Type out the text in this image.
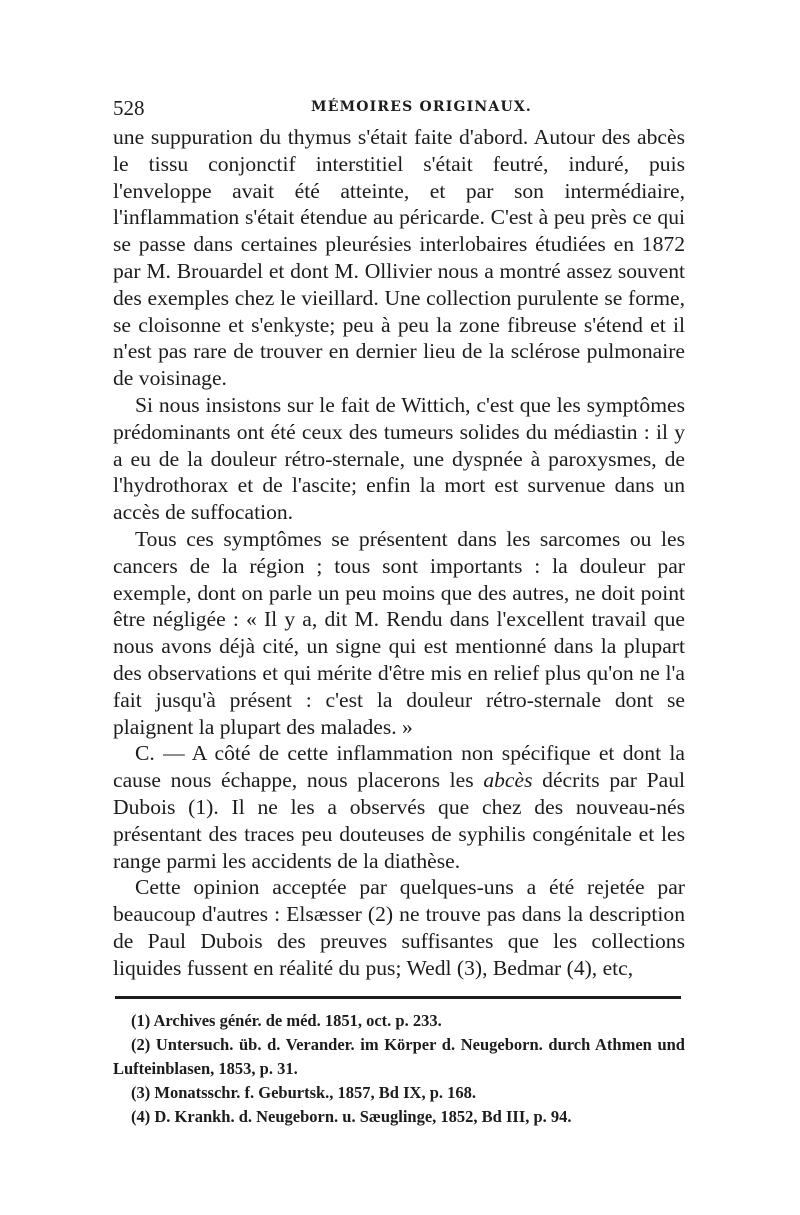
528	MÉMOIRES ORIGINAUX.

une suppuration du thymus s'était faite d'abord. Autour des abcès le tissu conjonctif interstitiel s'était feutré, induré, puis l'enveloppe avait été atteinte, et par son intermédiaire, l'inflammation s'était étendue au péricarde. C'est à peu près ce qui se passe dans certaines pleurésies interlobaires étudiées en 1872 par M. Brouardel et dont M. Ollivier nous a montré assez souvent des exemples chez le vieillard. Une collection purulente se forme, se cloisonne et s'enkyste; peu à peu la zone fibreuse s'étend et il n'est pas rare de trouver en dernier lieu de la sclérose pulmonaire de voisinage.

Si nous insistons sur le fait de Wittich, c'est que les symptômes prédominants ont été ceux des tumeurs solides du médiastin : il y a eu de la douleur rétro-sternale, une dyspnée à paroxysmes, de l'hydrothorax et de l'ascite; enfin la mort est survenue dans un accès de suffocation.

Tous ces symptômes se présentent dans les sarcomes ou les cancers de la région ; tous sont importants : la douleur par exemple, dont on parle un peu moins que des autres, ne doit point être négligée : « Il y a, dit M. Rendu dans l'excellent travail que nous avons déjà cité, un signe qui est mentionné dans la plupart des observations et qui mérite d'être mis en relief plus qu'on ne l'a fait jusqu'à présent : c'est la douleur rétro-sternale dont se plaignent la plupart des malades. »

C. — A côté de cette inflammation non spécifique et dont la cause nous échappe, nous placerons les abcès décrits par Paul Dubois (1). Il ne les a observés que chez des nouveau-nés présentant des traces peu douteuses de syphilis congénitale et les range parmi les accidents de la diathèse.

Cette opinion acceptée par quelques-uns a été rejetée par beaucoup d'autres : Elsæsser (2) ne trouve pas dans la description de Paul Dubois des preuves suffisantes que les collections liquides fussent en réalité du pus; Wedl (3), Bedmar (4), etc,

(1) Archives génér. de méd. 1851, oct. p. 233.

(2) Untersuch. üb. d. Verander. im Körper d. Neugeborn. durch Athmen und Lufteinblasen, 1853, p. 31.

(3) Monatsschr. f. Geburtsk., 1857, Bd IX, p. 168.

(4) D. Krankh. d. Neugeborn. u. Sæuglinge, 1852, Bd III, p. 94.
